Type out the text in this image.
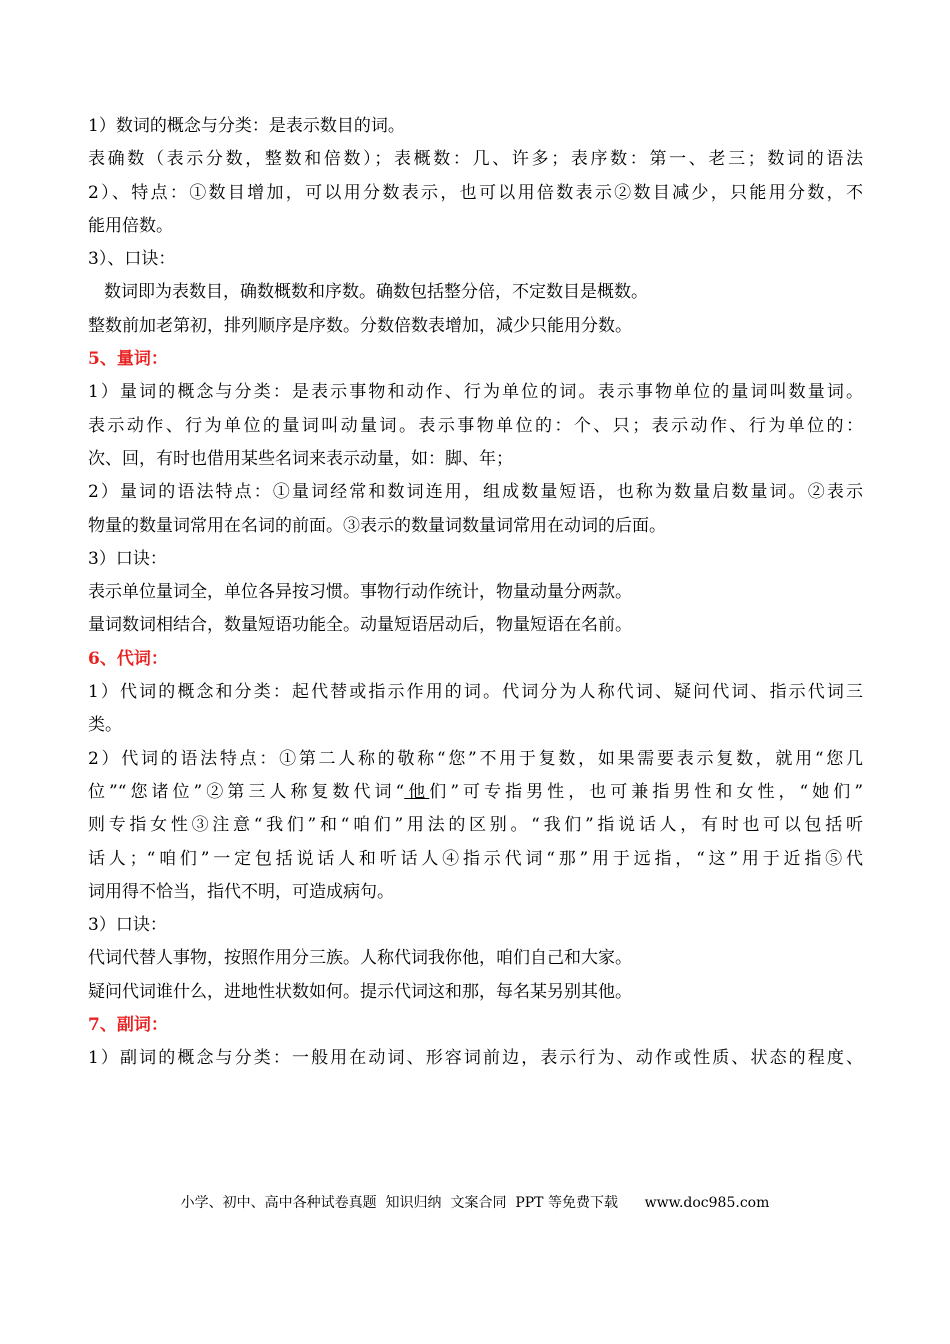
1）数词的概念与分类：是表示数目的词。
表确数（表示分数，整数和倍数）；表概数：几、许多；表序数：第一、老三；数词的语法
2）、特点：①数目增加，可以用分数表示，也可以用倍数表示②数目减少，只能用分数，不
能用倍数。
3）、口诀：
数词即为表数目，确数概数和序数。确数包括整分倍，不定数目是概数。
整数前加老第初，排列顺序是序数。分数倍数表增加，减少只能用分数。
5、量词：
1）量词的概念与分类：是表示事物和动作、行为单位的词。表示事物单位的量词叫数量词。
表示动作、行为单位的量词叫动量词。表示事物单位的：个、只；表示动作、行为单位的：
次、回，有时也借用某些名词来表示动量，如：脚、年；
2）量词的语法特点：①量词经常和数词连用，组成数量短语，也称为数量启数量词。②表示
物量的数量词常用在名词的前面。③表示的数量词数量词常用在动词的后面。
3）口诀：
表示单位量词全，单位各异按习惯。事物行动作统计，物量动量分两款。
量词数词相结合，数量短语功能全。动量短语居动后，物量短语在名前。
6、代词：
1）代词的概念和分类：起代替或指示作用的词。代词分为人称代词、疑问代词、指示代词三
类。
2）代词的语法特点：①第二人称的敬称“您”不用于复数，如果需要表示复数，就用“您几
位”“您诸位”②第三人称复数代词“他们”可专指男性，也可兼指男性和女性，“她们”
则专指女性③注意“我们”和“咱们”用法的区别。“我们”指说话人，有时也可以包括听
话人；“咱们”一定包括说话人和听话人④指示代词“那”用于远指，“这”用于近指⑤代
词用得不恰当，指代不明，可造成病句。
3）口诀：
代词代替人事物，按照作用分三族。人称代词我你他，咱们自己和大家。
疑问代词谁什么，进地性状数如何。提示代词这和那，每名某另别其他。
7、副词：
1）副词的概念与分类：一般用在动词、形容词前边，表示行为、动作或性质、状态的程度、
小学、初中、高中各种试卷真题  知识归纳  文案合同  PPT 等免费下载 www.doc985.com
